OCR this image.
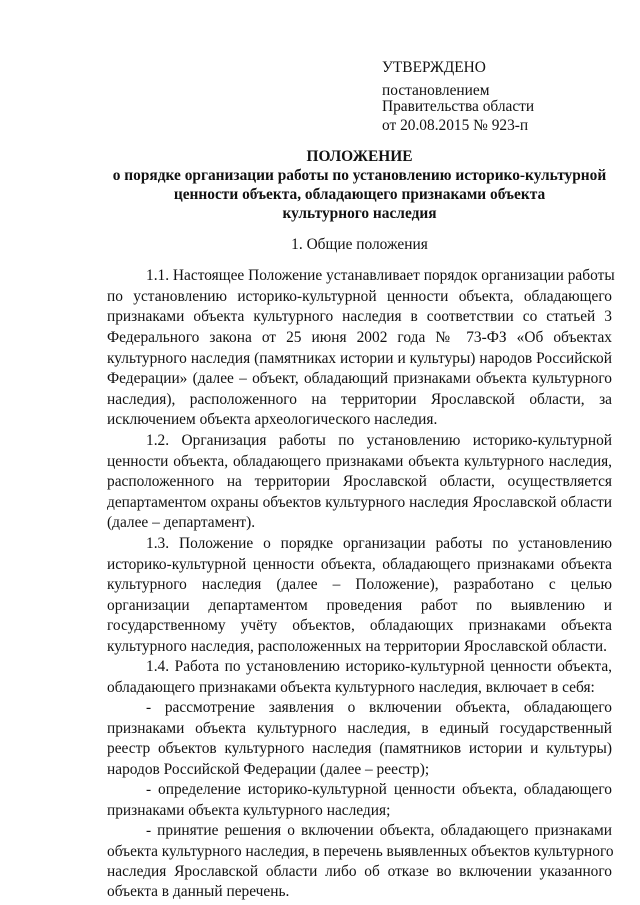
УТВЕРЖДЕНО
постановлением
Правительства области
от 20.08.2015 № 923-п
ПОЛОЖЕНИЕ
о порядке организации работы по установлению историко-культурной
ценности объекта, обладающего признаками объекта
культурного наследия
1. Общие положения
1.1. Настоящее Положение устанавливает порядок организации работы
по установлению историко-культурной ценности объекта, обладающего
признаками объекта культурного наследия в соответствии со статьей 3
Федерального закона от 25 июня 2002 года № 73-ФЗ «Об объектах
культурного наследия (памятниках истории и культуры) народов Российской
Федерации» (далее – объект, обладающий признаками объекта культурного
наследия), расположенного на территории Ярославской области, за
исключением объекта археологического наследия.
1.2. Организация работы по установлению историко-культурной
ценности объекта, обладающего признаками объекта культурного наследия,
расположенного на территории Ярославской области, осуществляется
департаментом охраны объектов культурного наследия Ярославской области
(далее – департамент).
1.3. Положение о порядке организации работы по установлению
историко-культурной ценности объекта, обладающего признаками объекта
культурного наследия (далее – Положение), разработано с целью
организации департаментом проведения работ по выявлению и
государственному учёту объектов, обладающих признаками объекта
культурного наследия, расположенных на территории Ярославской области.
1.4. Работа по установлению историко-культурной ценности объекта,
обладающего признаками объекта культурного наследия, включает в себя:
- рассмотрение заявления о включении объекта, обладающего
признаками объекта культурного наследия, в единый государственный
реестр объектов культурного наследия (памятников истории и культуры)
народов Российской Федерации (далее – реестр);
- определение историко-культурной ценности объекта, обладающего
признаками объекта культурного наследия;
- принятие решения о включении объекта, обладающего признаками
объекта культурного наследия, в перечень выявленных объектов культурного
наследия Ярославской области либо об отказе во включении указанного
объекта в данный перечень.
